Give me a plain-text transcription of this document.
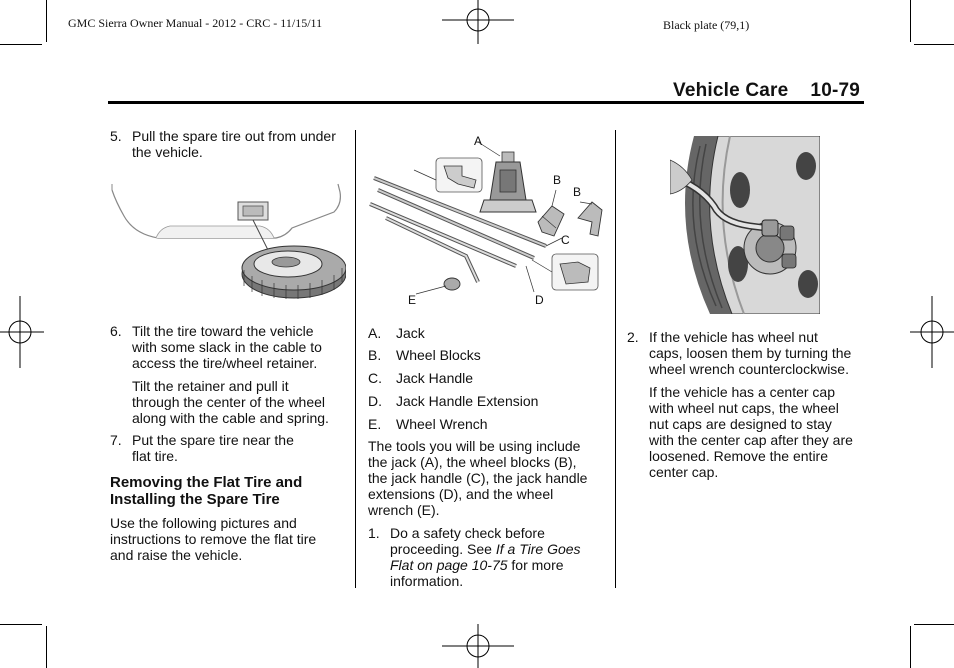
GMC Sierra Owner Manual - 2012 - CRC - 11/15/11	Black plate (79,1)
Vehicle Care 10-79
5. Pull the spare tire out from under
the vehicle.
6. Tilt the tire toward the vehicle
with some slack in the cable to
access the tire/wheel retainer.
Tilt the retainer and pull it
through the center of the wheel
along with the cable and spring.
7. Put the spare tire near the
flat tire.
Removing the Flat Tire and
Installing the Spare Tire
Use the following pictures and
instructions to remove the flat tire
and raise the vehicle.
A
B
B
C
D
E
A. Jack
B. Wheel Blocks
C. Jack Handle
D. Jack Handle Extension
E. Wheel Wrench
The tools you will be using include
the jack (A), the wheel blocks (B),
the jack handle (C), the jack handle
extensions (D), and the wheel
wrench (E).
1. Do a safety check before
proceeding. See If a Tire Goes
Flat on page 10-75 for more
information.
2. If the vehicle has wheel nut
caps, loosen them by turning the
wheel wrench counterclockwise.
If the vehicle has a center cap
with wheel nut caps, the wheel
nut caps are designed to stay
with the center cap after they are
loosened. Remove the entire
center cap.
